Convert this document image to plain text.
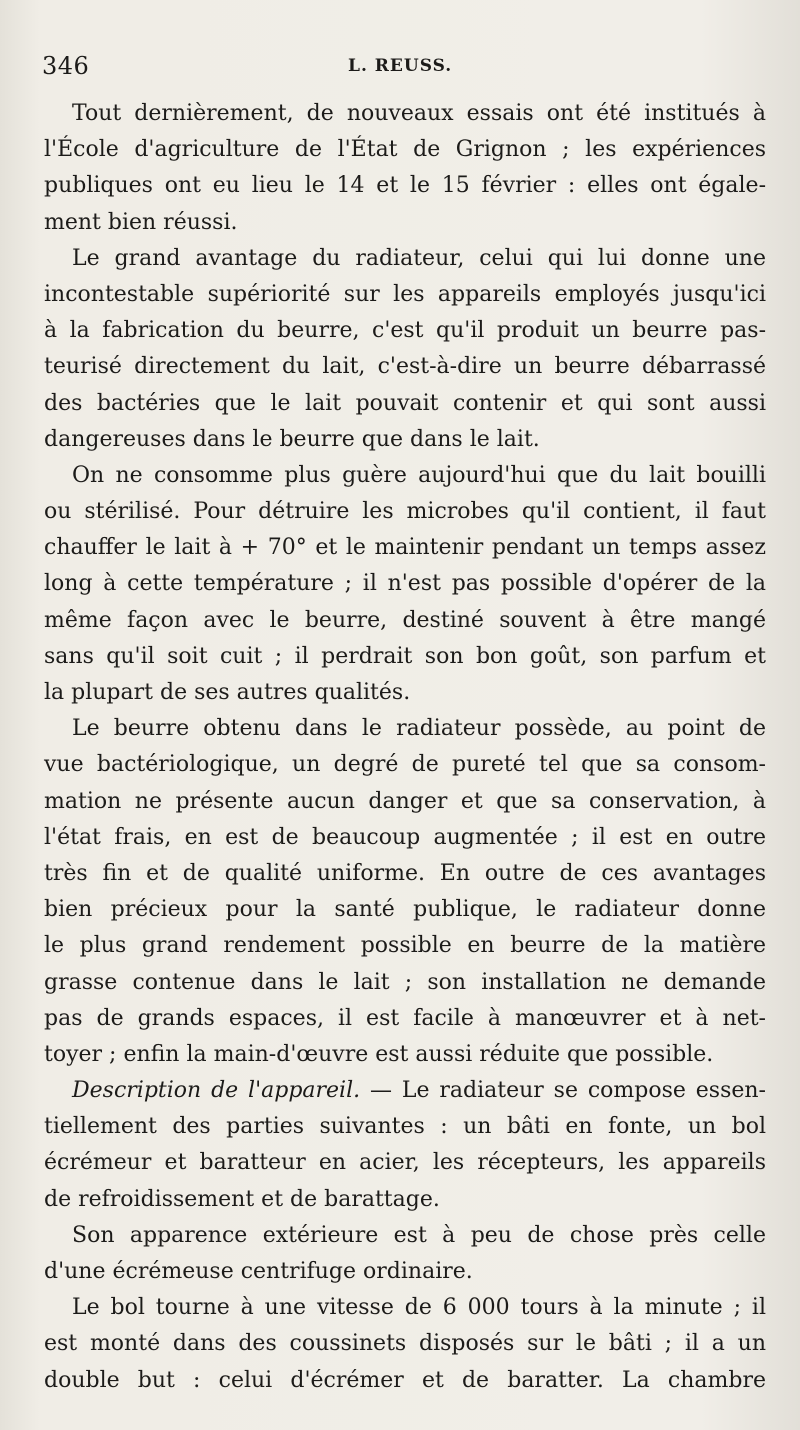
346	L. REUSS.

Tout dernièrement, de nouveaux essais ont été institués à
l'École d'agriculture de l'État de Grignon ; les expériences
publiques ont eu lieu le 14 et le 15 février : elles ont égale-
ment bien réussi.

Le grand avantage du radiateur, celui qui lui donne une
incontestable supériorité sur les appareils employés jusqu'ici
à la fabrication du beurre, c'est qu'il produit un beurre pas-
teurisé directement du lait, c'est-à-dire un beurre débarrassé
des bactéries que le lait pouvait contenir et qui sont aussi
dangereuses dans le beurre que dans le lait.

On ne consomme plus guère aujourd'hui que du lait bouilli
ou stérilisé. Pour détruire les microbes qu'il contient, il faut
chauffer le lait à + 70° et le maintenir pendant un temps assez
long à cette température ; il n'est pas possible d'opérer de la
même façon avec le beurre, destiné souvent à être mangé
sans qu'il soit cuit ; il perdrait son bon goût, son parfum et
la plupart de ses autres qualités.

Le beurre obtenu dans le radiateur possède, au point de
vue bactériologique, un degré de pureté tel que sa consom-
mation ne présente aucun danger et que sa conservation, à
l'état frais, en est de beaucoup augmentée ; il est en outre
très fin et de qualité uniforme. En outre de ces avantages
bien précieux pour la santé publique, le radiateur donne
le plus grand rendement possible en beurre de la matière
grasse contenue dans le lait ; son installation ne demande
pas de grands espaces, il est facile à manœuvrer et à net-
toyer ; enfin la main-d'œuvre est aussi réduite que possible.

Description de l'appareil. — Le radiateur se compose essen-
tiellement des parties suivantes : un bâti en fonte, un bol
écrémeur et baratteur en acier, les récepteurs, les appareils
de refroidissement et de barattage.

Son apparence extérieure est à peu de chose près celle
d'une écrémeuse centrifuge ordinaire.

Le bol tourne à une vitesse de 6 000 tours à la minute ; il
est monté dans des coussinets disposés sur le bâti ; il a un
double but : celui d'écrémer et de baratter. La chambre
